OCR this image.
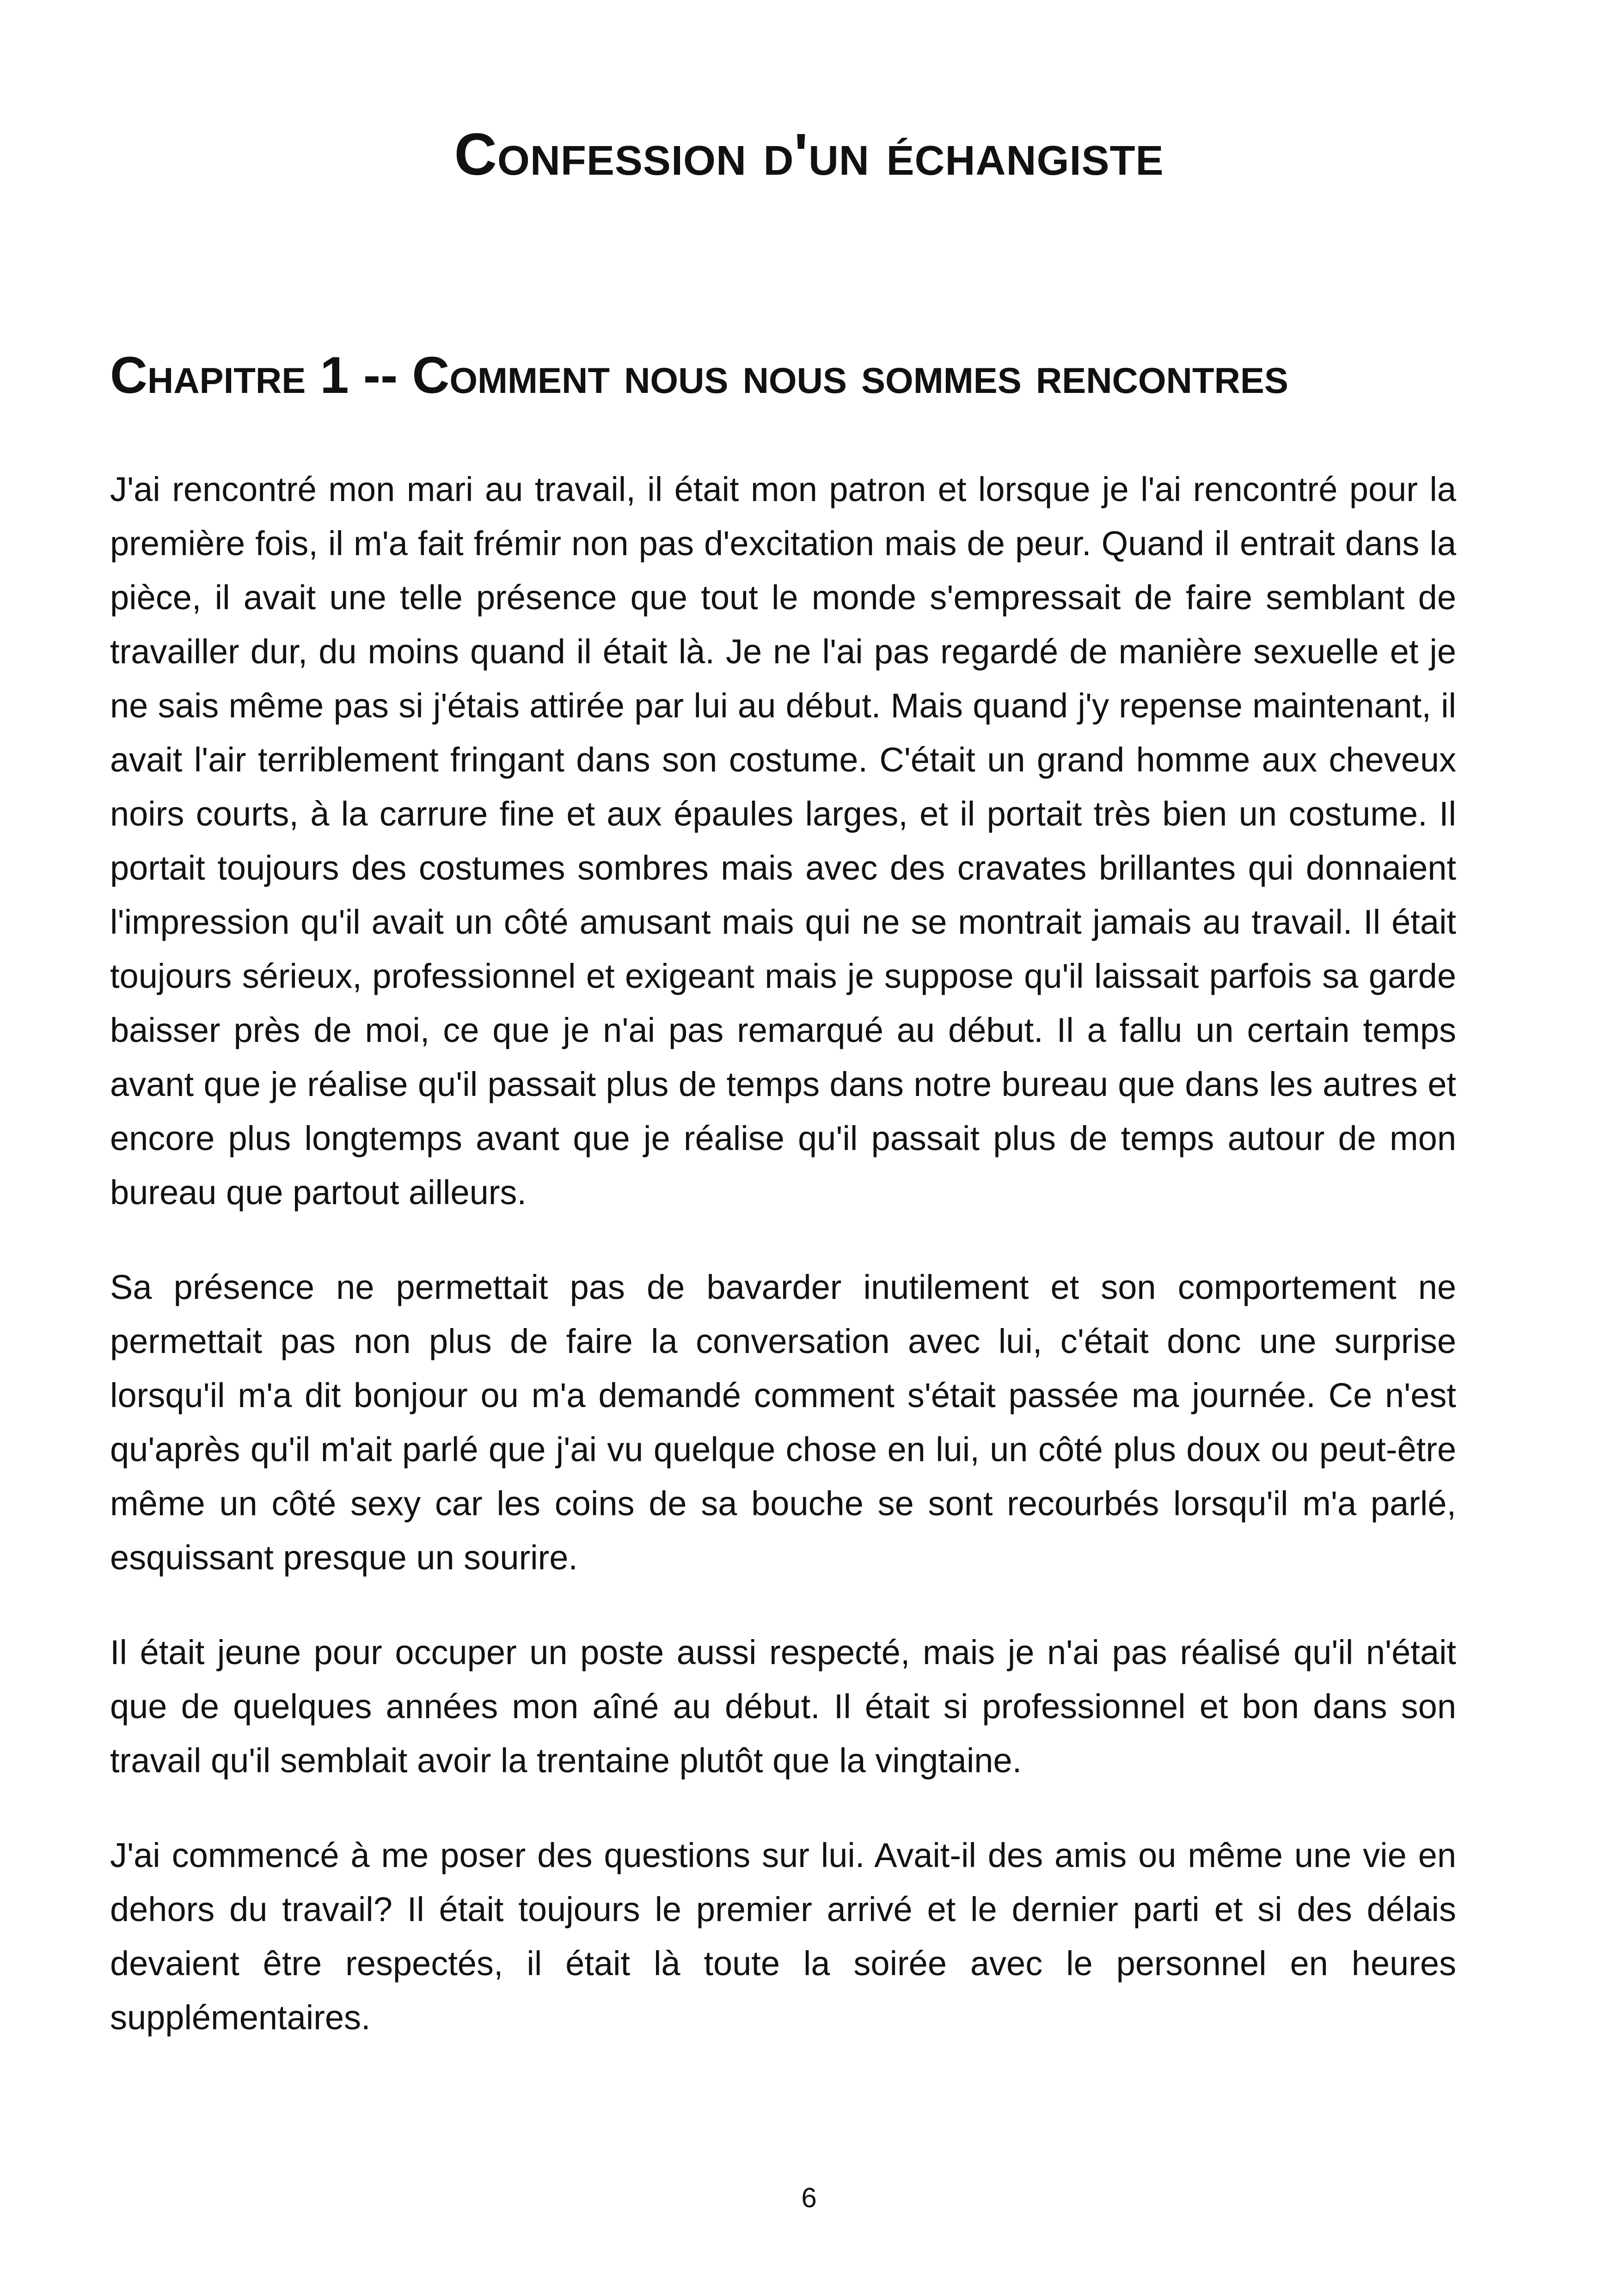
Confession d'un échangiste
Chapitre 1 -- Comment nous nous sommes rencontres

J'ai rencontré mon mari au travail, il était mon patron et lorsque je l'ai rencontré pour la première fois, il m'a fait frémir non pas d'excitation mais de peur. Quand il entrait dans la pièce, il avait une telle présence que tout le monde s'empressait de faire semblant de travailler dur, du moins quand il était là. Je ne l'ai pas regardé de manière sexuelle et je ne sais même pas si j'étais attirée par lui au début. Mais quand j'y repense maintenant, il avait l'air terriblement fringant dans son costume. C'était un grand homme aux cheveux noirs courts, à la carrure fine et aux épaules larges, et il portait très bien un costume. Il portait toujours des costumes sombres mais avec des cravates brillantes qui donnaient l'impression qu'il avait un côté amusant mais qui ne se montrait jamais au travail. Il était toujours sérieux, professionnel et exigeant mais je suppose qu'il laissait parfois sa garde baisser près de moi, ce que je n'ai pas remarqué au début. Il a fallu un certain temps avant que je réalise qu'il passait plus de temps dans notre bureau que dans les autres et encore plus longtemps avant que je réalise qu'il passait plus de temps autour de mon bureau que partout ailleurs.

Sa présence ne permettait pas de bavarder inutilement et son comportement ne permettait pas non plus de faire la conversation avec lui, c'était donc une surprise lorsqu'il m'a dit bonjour ou m'a demandé comment s'était passée ma journée. Ce n'est qu'après qu'il m'ait parlé que j'ai vu quelque chose en lui, un côté plus doux ou peut-être même un côté sexy car les coins de sa bouche se sont recourbés lorsqu'il m'a parlé, esquissant presque un sourire.

Il était jeune pour occuper un poste aussi respecté, mais je n'ai pas réalisé qu'il n'était que de quelques années mon aîné au début. Il était si professionnel et bon dans son travail qu'il semblait avoir la trentaine plutôt que la vingtaine.

J'ai commencé à me poser des questions sur lui. Avait-il des amis ou même une vie en dehors du travail? Il était toujours le premier arrivé et le dernier parti et si des délais devaient être respectés, il était là toute la soirée avec le personnel en heures supplémentaires.

6
